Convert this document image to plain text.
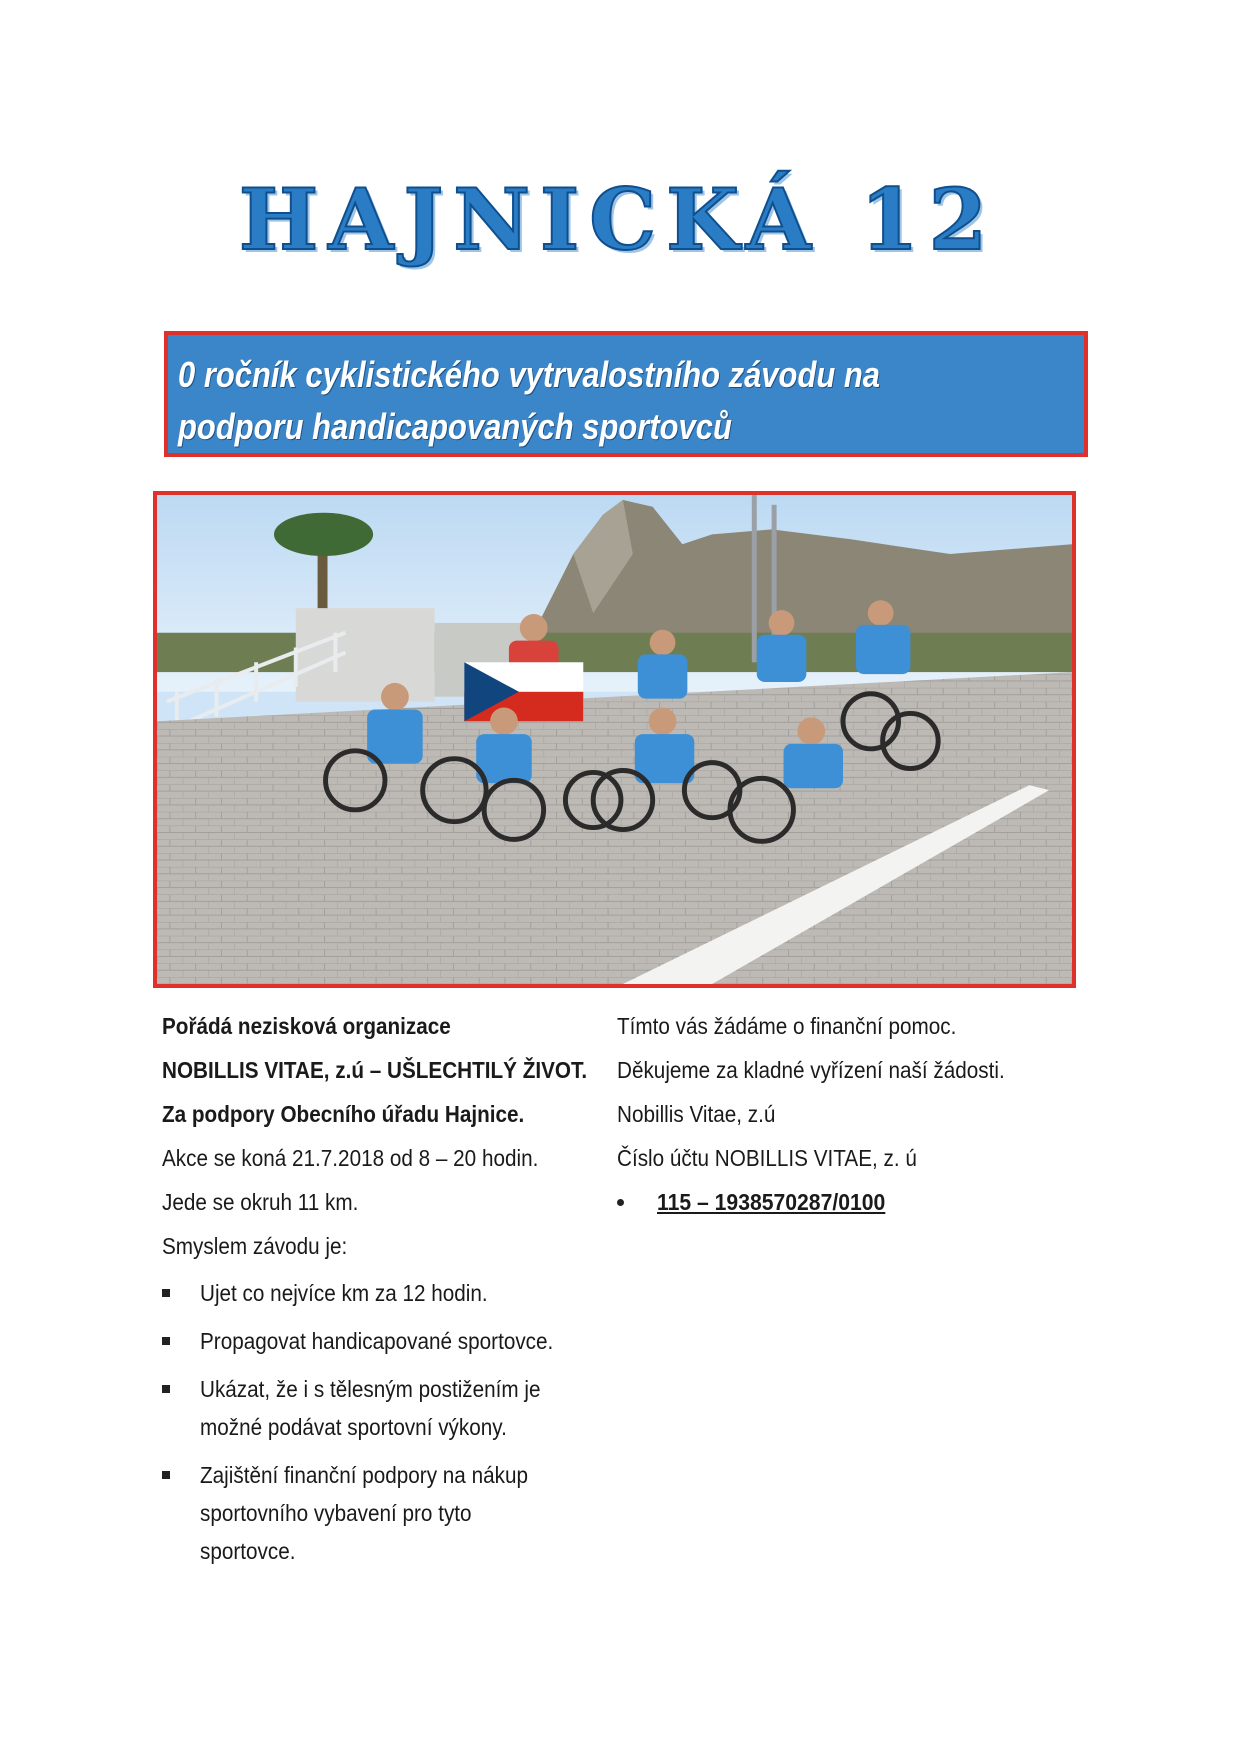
HAJNICKÁ 12
0 ročník cyklistického vytrvalostního závodu na
podporu handicapovaných sportovců
Pořádá nezisková organizace
NOBILLIS VITAE, z.ú – UŠLECHTILÝ ŽIVOT.
Za podpory Obecního úřadu Hajnice.
Akce se koná 21.7.2018 od 8 – 20 hodin.
Jede se okruh 11 km.
Smyslem závodu je:
Ujet co nejvíce km za 12 hodin.
Propagovat handicapované sportovce.
Ukázat, že i s tělesným postižením je
možné podávat sportovní výkony.
Zajištění finanční podpory na nákup
sportovního vybavení pro tyto
sportovce.
Tímto vás žádáme o finanční pomoc.
Děkujeme za kladné vyřízení naší žádosti.
Nobillis Vitae, z.ú
Číslo účtu NOBILLIS VITAE, z. ú
115 – 1938570287/0100
